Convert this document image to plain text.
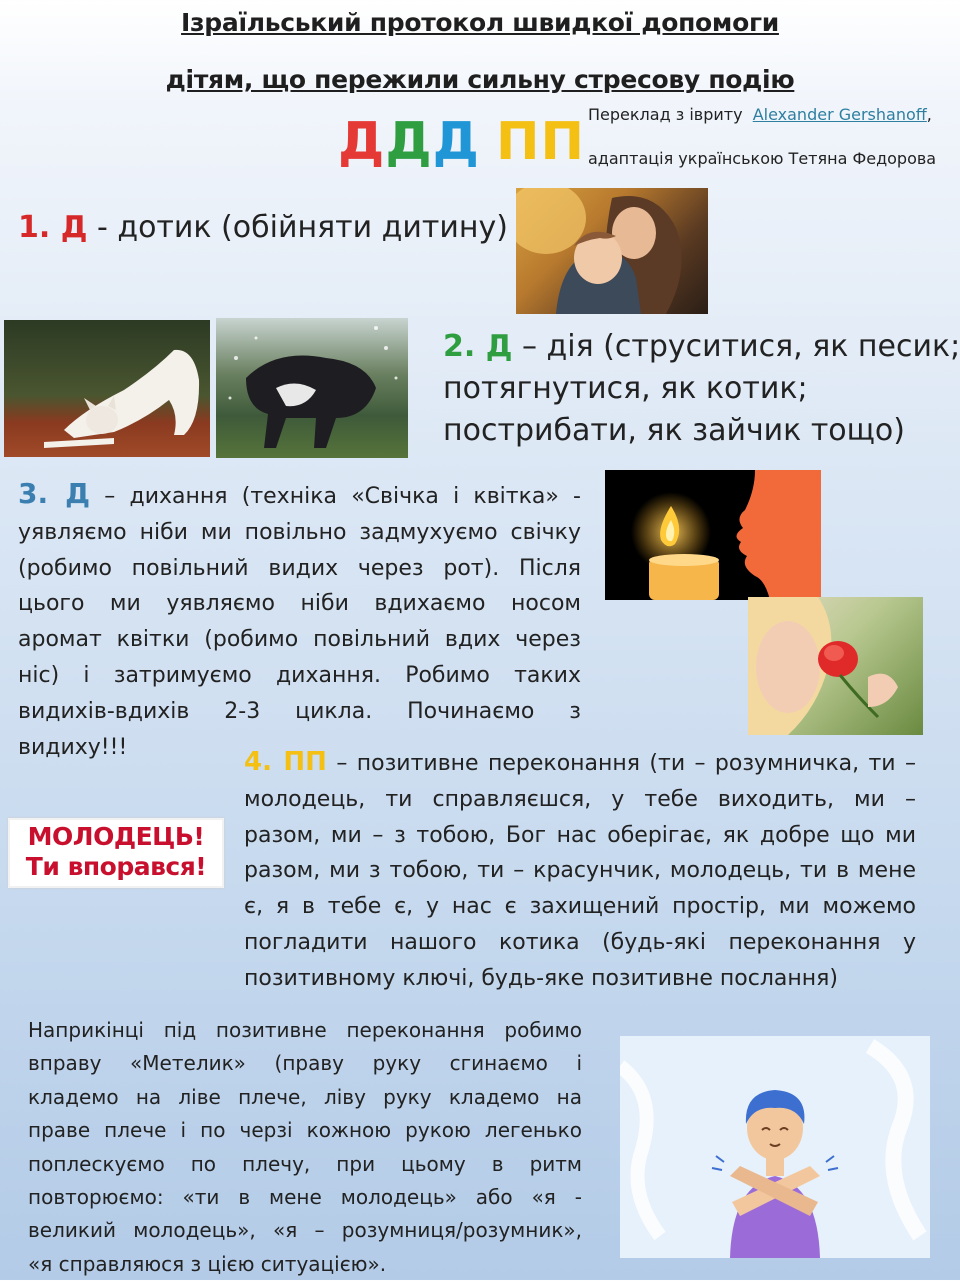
Ізраїльський протокол швидкої допомоги
дітям, що пережили сильну стресову подію
ДДД ПП Переклад з івриту Alexander Gershanoff,
адаптація українською Тетяна Федорова
1. Д - дотик (обійняти дитину)
2. Д – дія (струситися, як песик;
потягнутися, як котик;
пострибати, як зайчик тощо)
3. Д – дихання (техніка «Свічка і квітка» -
уявляємо ніби ми повільно задмухуємо свічку
(робимо повільний видих через рот). Після
цього ми уявляємо ніби вдихаємо носом
аромат квітки (робимо повільний вдих через
ніс) і затримуємо дихання. Робимо таких
видихів-вдихів 2-3 цикла. Починаємо з
видиху!!!	4. ПП – позитивне переконання (ти – розумничка, ти –
молодець, ти справляєшся, у тебе виходить, ми –
разом, ми – з тобою, Бог нас оберігає, як добре що ми
разом, ми з тобою, ти – красунчик, молодець, ти в мене
є, я в тебе є, у нас є захищений простір, ми можемо
погладити нашого котика (будь-які переконання у
позитивному ключі, будь-яке позитивне послання)
МОЛОДЕЦЬ!
Ти впорався!
Наприкінці під позитивне переконання робимо
вправу «Метелик» (праву руку сгинаємо і
кладемо на ліве плече, ліву руку кладемо на
праве плече і по черзі кожною рукою легенько
поплескуємо по плечу, при цьому в ритм
повторюємо: «ти в мене молодець» або «я -
великий молодець», «я – розумниця/розумник»,
«я справляюся з цією ситуацією».
